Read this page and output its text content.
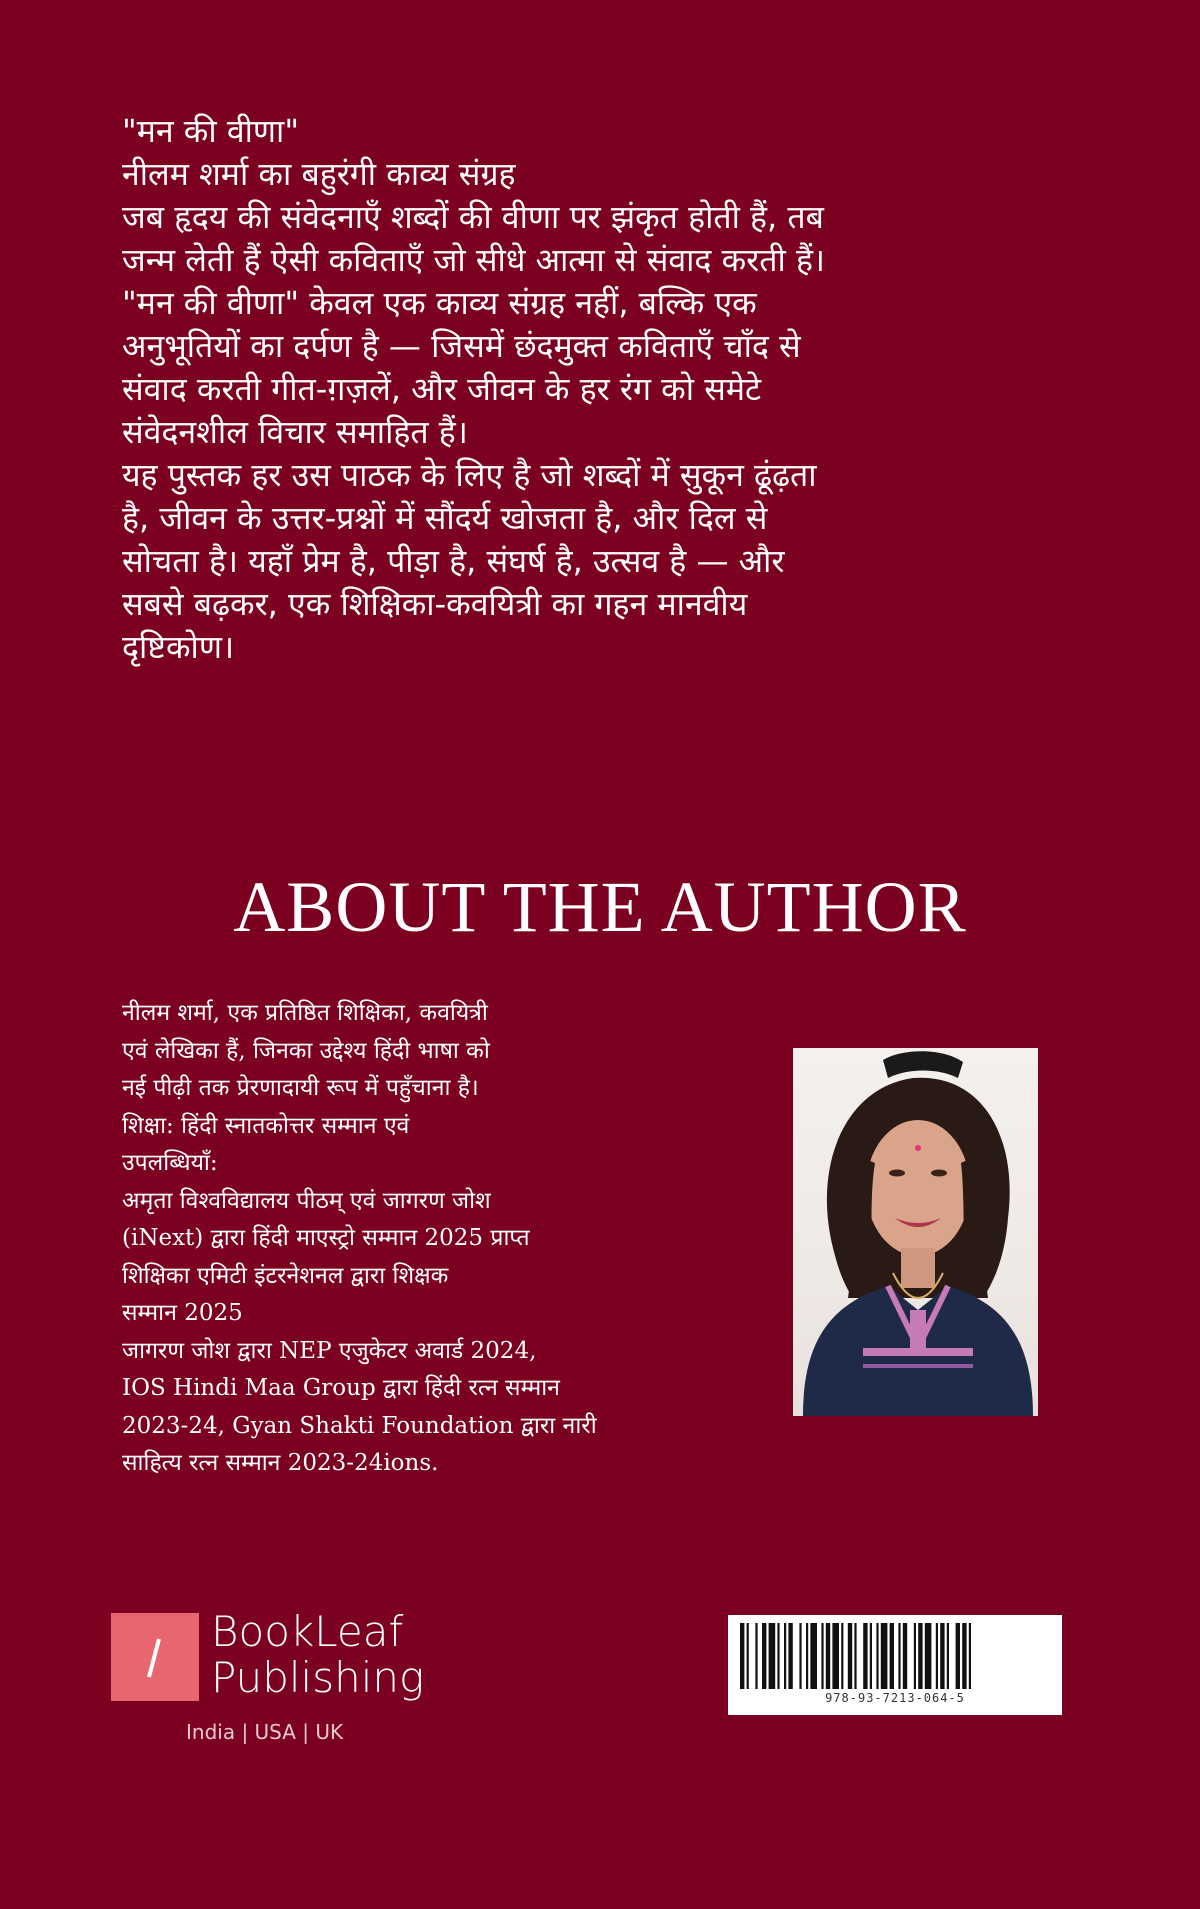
"मन की वीणा"
नीलम शर्मा का बहुरंगी काव्य संग्रह
जब हृदय की संवेदनाएँ शब्दों की वीणा पर झंकृत होती हैं, तब
जन्म लेती हैं ऐसी कविताएँ जो सीधे आत्मा से संवाद करती हैं।
"मन की वीणा" केवल एक काव्य संग्रह नहीं, बल्कि एक
अनुभूतियों का दर्पण है — जिसमें छंदमुक्त कविताएँ चाँद से
संवाद करती गीत-ग़ज़लें, और जीवन के हर रंग को समेटे
संवेदनशील विचार समाहित हैं।
यह पुस्तक हर उस पाठक के लिए है जो शब्दों में सुकून ढूंढ़ता
है, जीवन के उत्तर-प्रश्नों में सौंदर्य खोजता है, और दिल से
सोचता है। यहाँ प्रेम है, पीड़ा है, संघर्ष है, उत्सव है — और
सबसे बढ़कर, एक शिक्षिका-कवयित्री का गहन मानवीय
दृष्टिकोण।
ABOUT THE AUTHOR
नीलम शर्मा, एक प्रतिष्ठित शिक्षिका, कवयित्री
एवं लेखिका हैं, जिनका उद्देश्य हिंदी भाषा को
नई पीढ़ी तक प्रेरणादायी रूप में पहुँचाना है।
शिक्षा: हिंदी स्नातकोत्तर सम्मान एवं
उपलब्धियाँ:
अमृता विश्वविद्यालय पीठम् एवं जागरण जोश
(iNext) द्वारा हिंदी माएस्ट्रो सम्मान 2025 प्राप्त
शिक्षिका एमिटी इंटरनेशनल द्वारा शिक्षक
सम्मान 2025
जागरण जोश द्वारा NEP एजुकेटर अवार्ड 2024,
IOS Hindi Maa Group द्वारा हिंदी रत्न सम्मान
2023-24, Gyan Shakti Foundation द्वारा नारी
साहित्य रत्न सम्मान 2023-24ions.
BookLeaf
Publishing
India | USA | UK
978-93-7213-064-5
